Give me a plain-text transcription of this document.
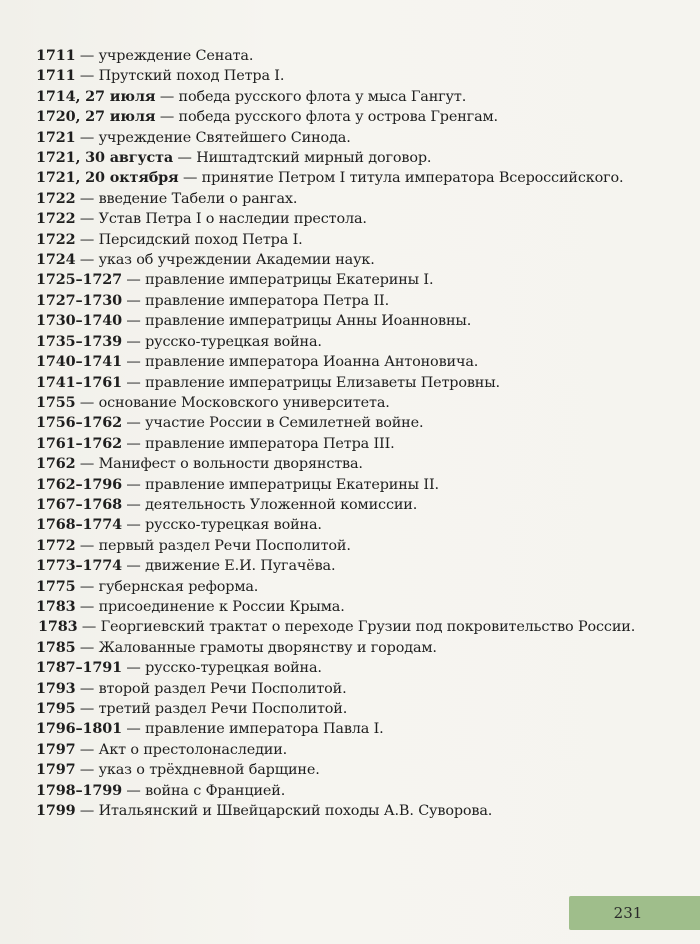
1711 — учреждение Сената.
1711 — Прутский поход Петра I.
1714, 27 июля — победа русского флота у мыса Гангут.
1720, 27 июля — победа русского флота у острова Гренгам.
1721 — учреждение Святейшего Синода.
1721, 30 августа — Ништадтский мирный договор.
1721, 20 октября — принятие Петром I титула императора Всероссийского.
1722 — введение Табели о рангах.
1722 — Устав Петра I о наследии престола.
1722 — Персидский поход Петра I.
1724 — указ об учреждении Академии наук.
1725–1727 — правление императрицы Екатерины I.
1727–1730 — правление императора Петра II.
1730–1740 — правление императрицы Анны Иоанновны.
1735–1739 — русско-турецкая война.
1740–1741 — правление императора Иоанна Антоновича.
1741–1761 — правление императрицы Елизаветы Петровны.
1755 — основание Московского университета.
1756–1762 — участие России в Семилетней войне.
1761–1762 — правление императора Петра III.
1762 — Манифест о вольности дворянства.
1762–1796 — правление императрицы Екатерины II.
1767–1768 — деятельность Уложенной комиссии.
1768–1774 — русско-турецкая война.
1772 — первый раздел Речи Посполитой.
1773–1774 — движение Е.И. Пугачёва.
1775 — губернская реформа.
1783 — присоединение к России Крыма.
1783 — Георгиевский трактат о переходе Грузии под покровительство России.
1785 — Жалованные грамоты дворянству и городам.
1787–1791 — русско-турецкая война.
1793 — второй раздел Речи Посполитой.
1795 — третий раздел Речи Посполитой.
1796–1801 — правление императора Павла I.
1797 — Акт о престолонаследии.
1797 — указ о трёхдневной барщине.
1798–1799 — война с Францией.
1799 — Итальянский и Швейцарский походы А.В. Суворова.
231
